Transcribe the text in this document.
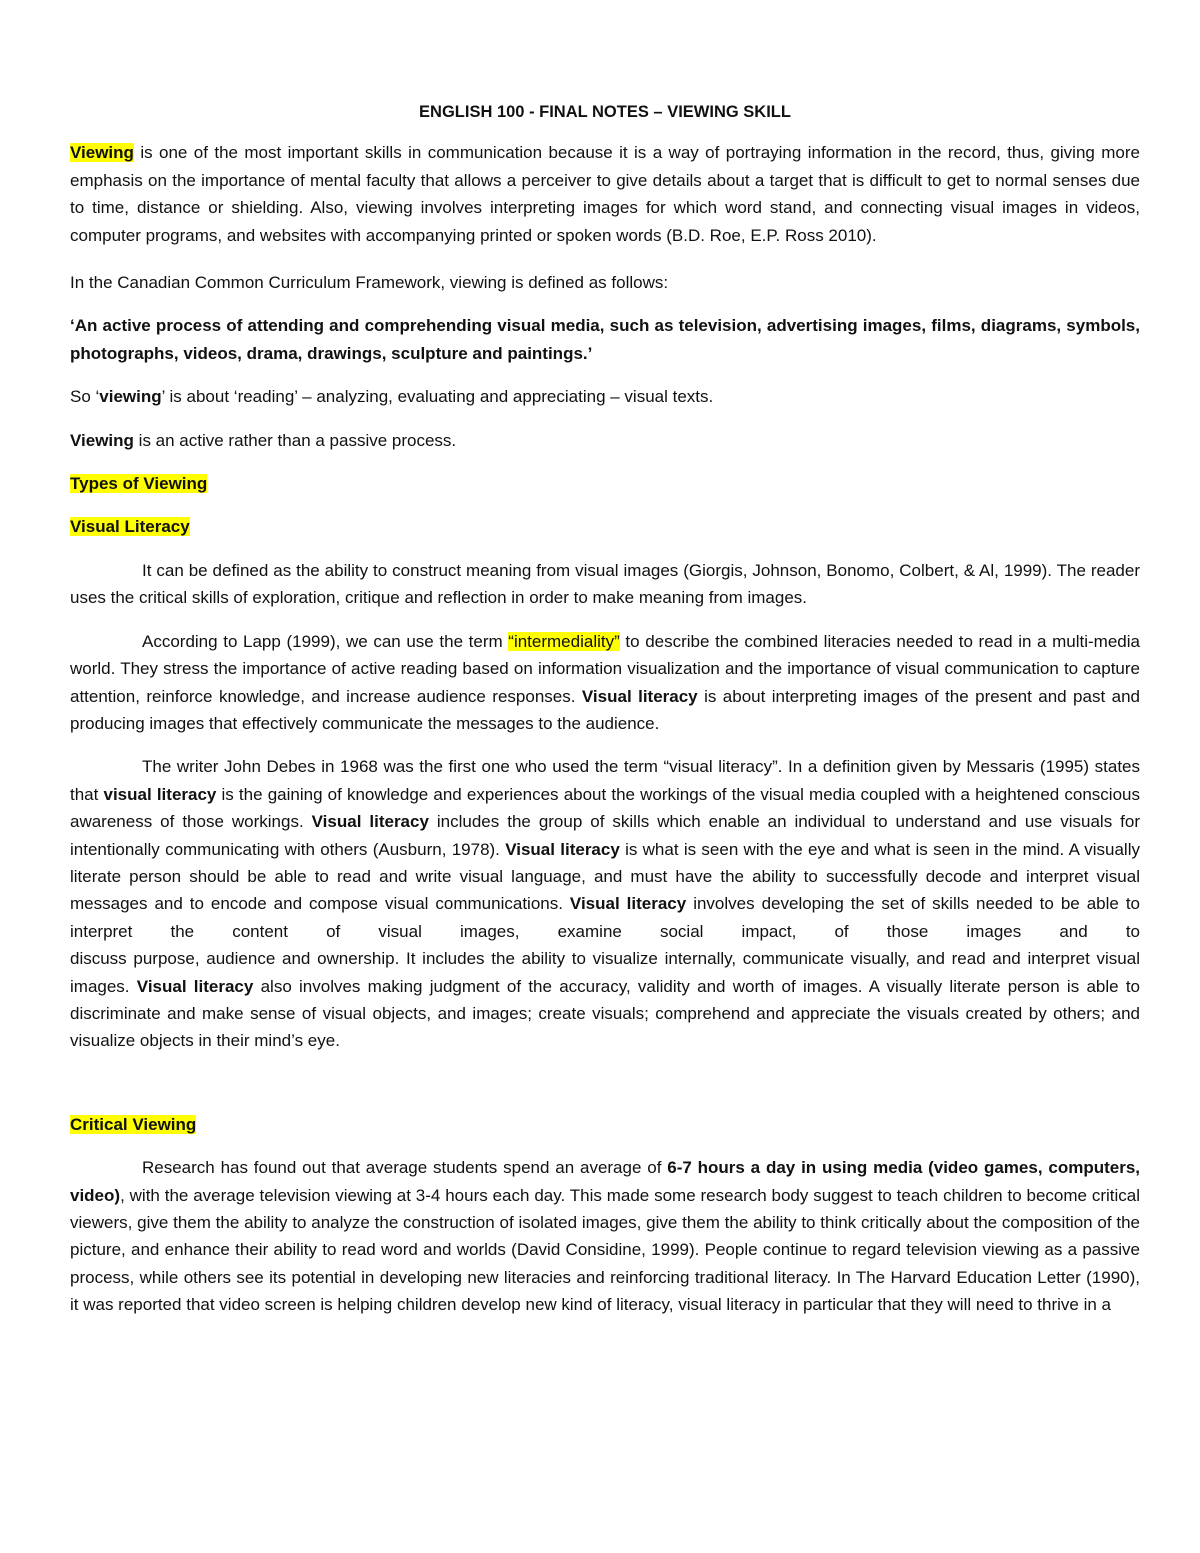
ENGLISH 100 - FINAL NOTES – VIEWING SKILL

Viewing is one of the most important skills in communication because it is a way of portraying information in the record, thus, giving more emphasis on the importance of mental faculty that allows a perceiver to give details about a target that is difficult to get to normal senses due to time, distance or shielding. Also, viewing involves interpreting images for which word stand, and connecting visual images in videos, computer programs, and websites with accompanying printed or spoken words (B.D. Roe, E.P. Ross 2010).

In the Canadian Common Curriculum Framework, viewing is defined as follows:

‘An active process of attending and comprehending visual media, such as television, advertising images, films, diagrams, symbols, photographs, videos, drama, drawings, sculpture and paintings.’

So ‘viewing’ is about ‘reading’ – analyzing, evaluating and appreciating – visual texts.

Viewing is an active rather than a passive process.

Types of Viewing

Visual Literacy

It can be defined as the ability to construct meaning from visual images (Giorgis, Johnson, Bonomo, Colbert, & Al, 1999). The reader uses the critical skills of exploration, critique and reflection in order to make meaning from images.

According to Lapp (1999), we can use the term “intermediality” to describe the combined literacies needed to read in a multi-media world. They stress the importance of active reading based on information visualization and the importance of visual communication to capture attention, reinforce knowledge, and increase audience responses. Visual literacy is about interpreting images of the present and past and producing images that effectively communicate the messages to the audience.

The writer John Debes in 1968 was the first one who used the term “visual literacy”. In a definition given by Messaris (1995) states that visual literacy is the gaining of knowledge and experiences about the workings of the visual media coupled with a heightened conscious awareness of those workings. Visual literacy includes the group of skills which enable an individual to understand and use visuals for intentionally communicating with others (Ausburn, 1978). Visual literacy is what is seen with the eye and what is seen in the mind. A visually literate person should be able to read and write visual language, and must have the ability to successfully decode and interpret visual messages and to encode and compose visual communications. Visual literacy involves developing the set of skills needed to be able to interpret the content of visual images, examine social impact, of those images and to

discuss purpose, audience and ownership. It includes the ability to visualize internally, communicate visually, and read and interpret visual images. Visual literacy also involves making judgment of the accuracy, validity and worth of images. A visually literate person is able to discriminate and make sense of visual objects, and images; create visuals; comprehend and appreciate the visuals created by others; and visualize objects in their mind’s eye.

Critical Viewing

Research has found out that average students spend an average of 6-7 hours a day in using media (video games, computers, video), with the average television viewing at 3-4 hours each day. This made some research body suggest to teach children to become critical viewers, give them the ability to analyze the construction of isolated images, give them the ability to think critically about the composition of the picture, and enhance their ability to read word and worlds (David Considine, 1999). People continue to regard television viewing as a passive process, while others see its potential in developing new literacies and reinforcing traditional literacy. In The Harvard Education Letter (1990), it was reported that video screen is helping children develop new kind of literacy, visual literacy in particular that they will need to thrive in a
